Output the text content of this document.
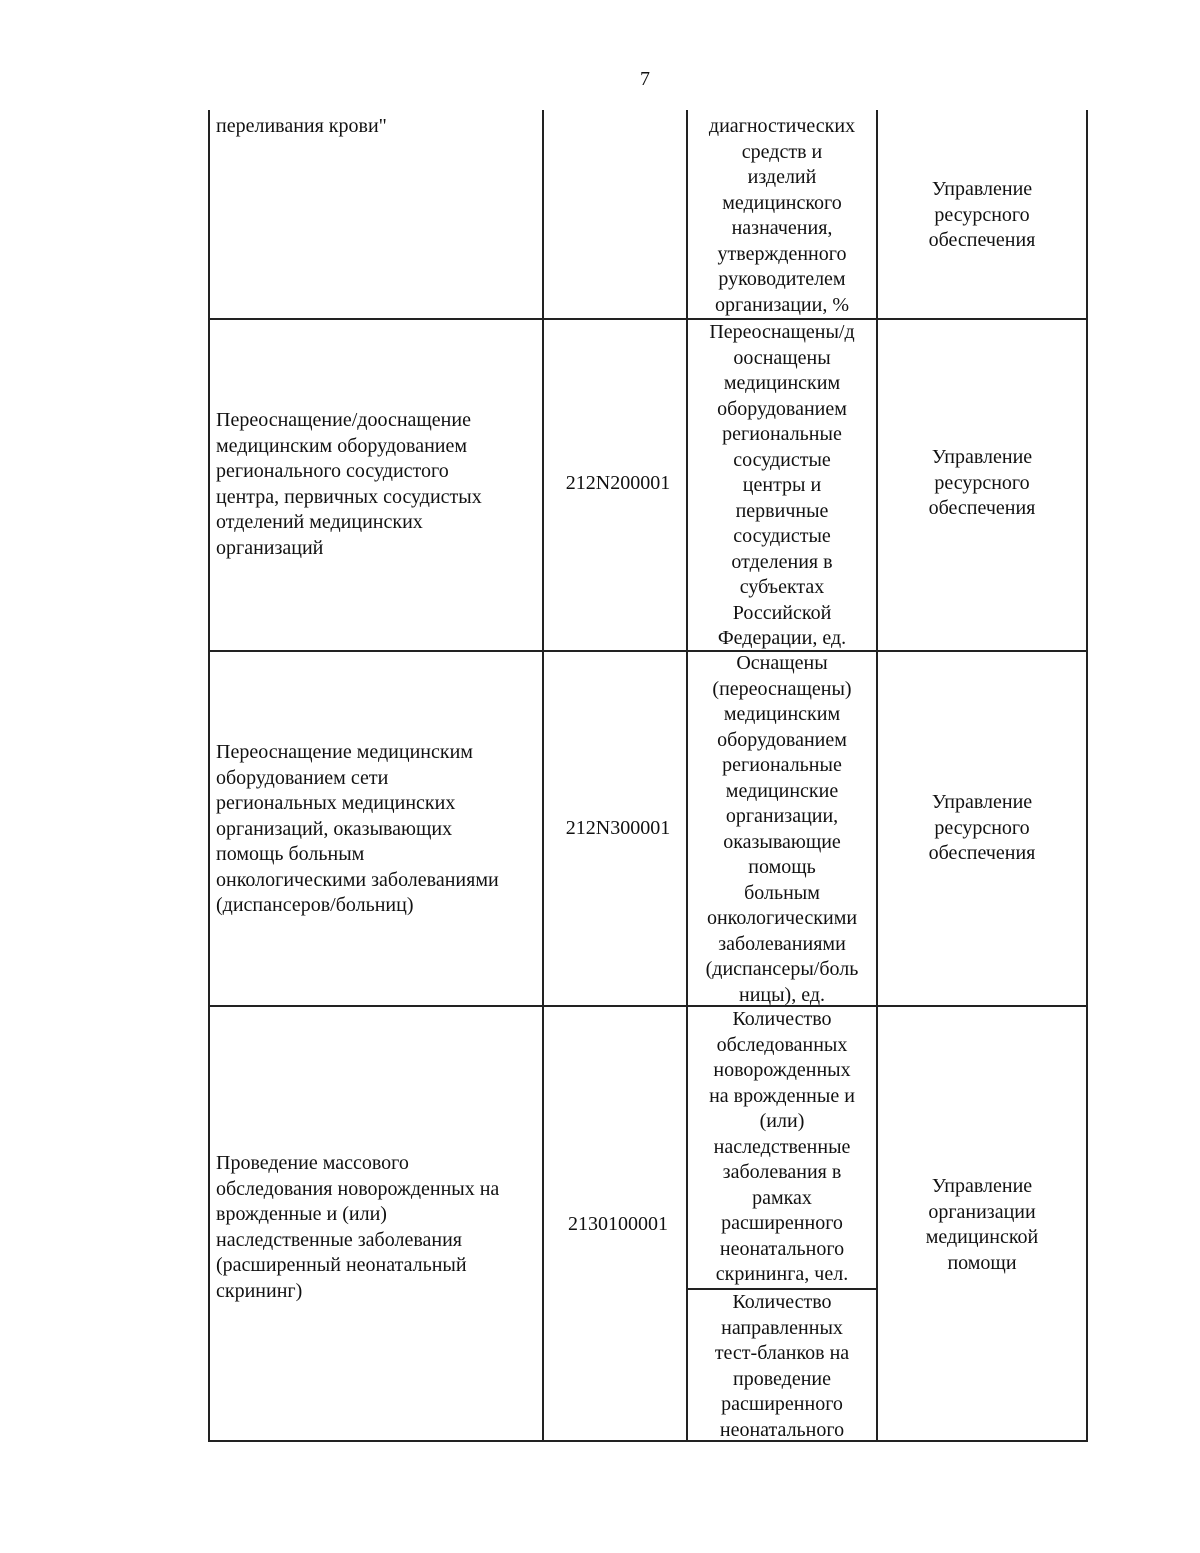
7
переливания крови"	диагностических
средств и
изделий
медицинского
назначения,
утвержденного
руководителем
организации, %
Управление
ресурсного
обеспечения
Переоснащение/дооснащение
медицинским оборудованием
регионального сосудистого
центра, первичных сосудистых
отделений медицинских
организаций
212N200001
Переоснащены/д
ооснащены
медицинским
оборудованием
региональные
сосудистые
центры и
первичные
сосудистые
отделения в
субъектах
Российской
Федерации, ед.
Управление
ресурсного
обеспечения
Переоснащение медицинским
оборудованием сети
региональных медицинских
организаций, оказывающих
помощь больным
онкологическими заболеваниями
(диспансеров/больниц)
212N300001
Оснащены
(переоснащены)
медицинским
оборудованием
региональные
медицинские
организации,
оказывающие
помощь
больным
онкологическими
заболеваниями
(диспансеры/боль
ницы), ед.
Управление
ресурсного
обеспечения
Проведение массового
обследования новорожденных на
врожденные и (или)
наследственные заболевания
(расширенный неонатальный
скрининг)
2130100001
Количество
обследованных
новорожденных
на врожденные и
(или)
наследственные
заболевания в
рамках
расширенного
неонатального
скрининга, чел.
Количество
направленных
тест-бланков на
проведение
расширенного
неонатального
Управление
организации
медицинской
помощи
